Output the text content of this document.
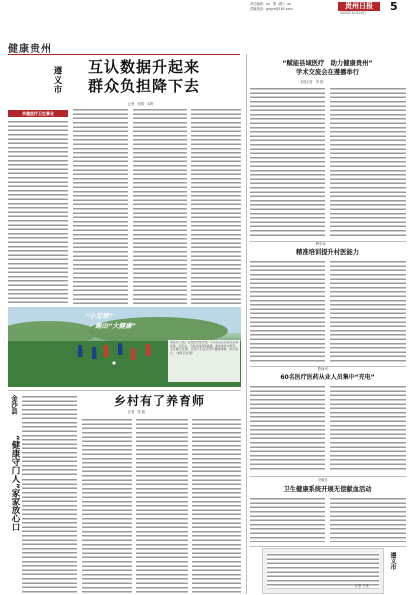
责任编辑：xx　图（摄）：xx
党媒热线：gzsjrb@163.com	贵州日报
2025年10月24日	5
健康贵州
遵义市 互认数据升起来
群众负担降下去
记者　何燕　本报
共建医疗卫生事业
“赋能县域医疗　助力健康贵州”
学术交流会在遵播举行
本报记者　李 群
黔东南
精准培训提升村医能力
黔南州
60名医疗医药从业人员集中“充电”
安顺市
卫生健康系统开展无偿献血活动
遵义市
记者 王某
“小足球”
踢出“大健康”
本报讯 日前，在贵阳市某学校，小学生们正在进行足球训练。近年来，当地以体育促健康，推动体育与教育、卫生融合发展，让孩子们在运动中强健体魄、快乐成长。（本报记者 摄）
金沙县
“健康守门人”家家放心口
乡村有了养育师
记者　张 晓
